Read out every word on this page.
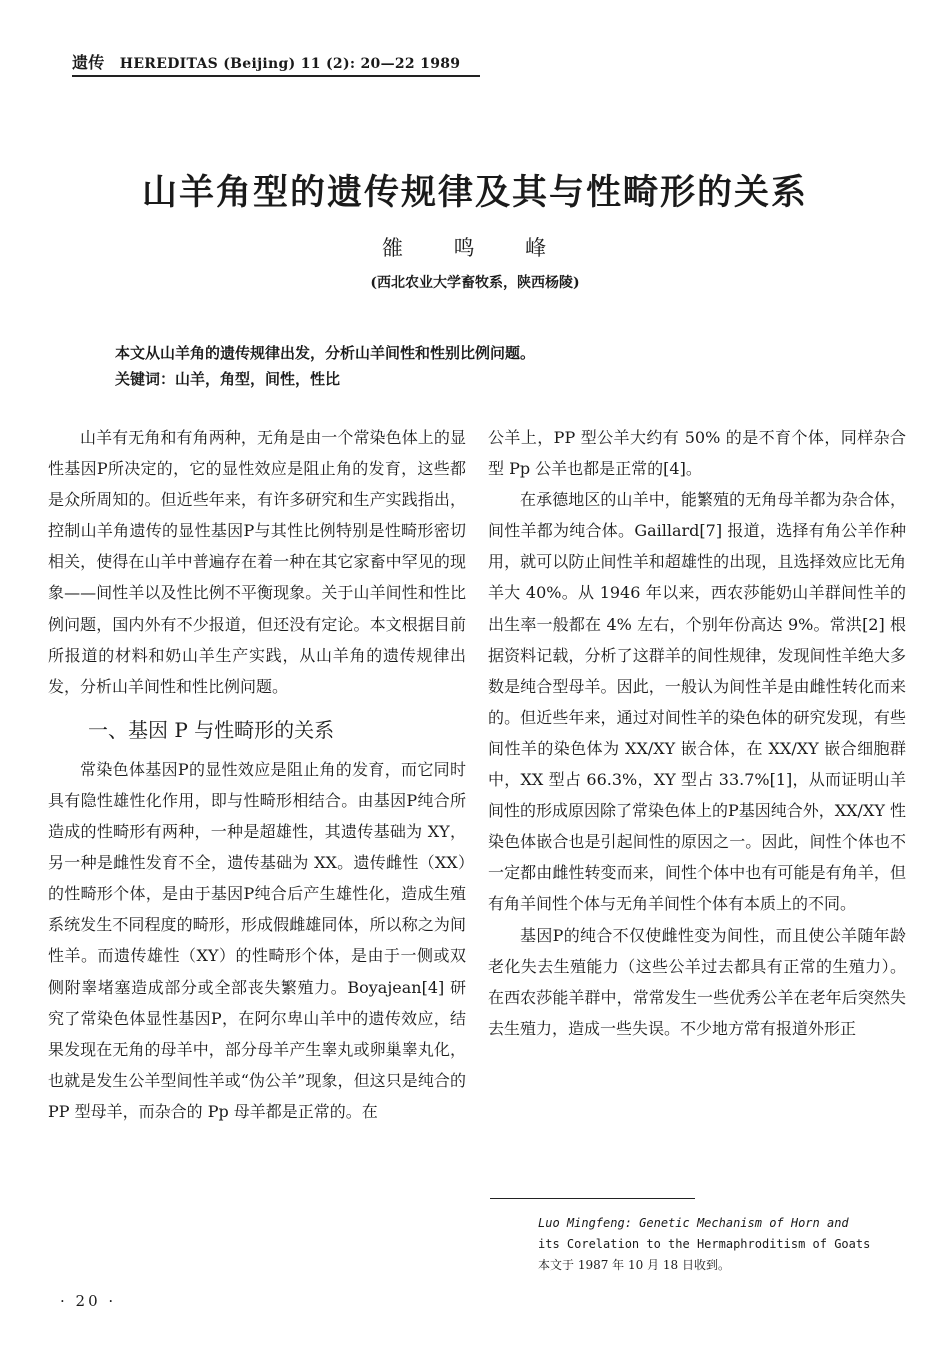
遗传 HEREDITAS (Beijing) 11 (2): 20—22 1989
山羊角型的遗传规律及其与性畸形的关系
雒 鸣 峰
(西北农业大学畜牧系，陕西杨陵)
本文从山羊角的遗传规律出发，分析山羊间性和性别比例问题。
关键词：山羊，角型，间性，性比

山羊有无角和有角两种，无角是由一个常染色体上的显性基因P所决定的，它的显性效应是阻止角的发育，这些都是众所周知的。但近些年来，有许多研究和生产实践指出，控制山羊角遗传的显性基因P与其性比例特别是性畸形密切相关，使得在山羊中普遍存在着一种在其它家畜中罕见的现象——间性羊以及性比例不平衡现象。关于山羊间性和性比例问题，国内外有不少报道，但还没有定论。本文根据目前所报道的材料和奶山羊生产实践，从山羊角的遗传规律出发，分析山羊间性和性比例问题。

一、基因 P 与性畸形的关系

常染色体基因P的显性效应是阻止角的发育，而它同时具有隐性雄性化作用，即与性畸形相结合。由基因P纯合所造成的性畸形有两种，一种是超雄性，其遗传基础为 XY，另一种是雌性发育不全，遗传基础为 XX。遗传雌性（XX）的性畸形个体，是由于基因P纯合后产生雄性化，造成生殖系统发生不同程度的畸形，形成假雌雄同体，所以称之为间性羊。而遗传雄性（XY）的性畸形个体，是由于一侧或双侧附睾堵塞造成部分或全部丧失繁殖力。Boyajean[4] 研究了常染色体显性基因P，在阿尔卑山羊中的遗传效应，结果发现在无角的母羊中，部分母羊产生睾丸或卵巢睾丸化，也就是发生公羊型间性羊或“伪公羊”现象，但这只是纯合的PP 型母羊，而杂合的 Pp 母羊都是正常的。在

公羊上，PP 型公羊大约有 50% 的是不育个体，同样杂合型 Pp 公羊也都是正常的[4]。

在承德地区的山羊中，能繁殖的无角母羊都为杂合体，间性羊都为纯合体。Gaillard[7] 报道，选择有角公羊作种用，就可以防止间性羊和超雄性的出现，且选择效应比无角羊大 40%。从 1946 年以来，西农莎能奶山羊群间性羊的出生率一般都在 4% 左右，个别年份高达 9%。常洪[2] 根据资料记载，分析了这群羊的间性规律，发现间性羊绝大多数是纯合型母羊。因此，一般认为间性羊是由雌性转化而来的。但近些年来，通过对间性羊的染色体的研究发现，有些间性羊的染色体为 XX/XY 嵌合体，在 XX/XY 嵌合细胞群中，XX 型占 66.3%，XY 型占 33.7%[1]，从而证明山羊间性的形成原因除了常染色体上的P基因纯合外，XX/XY 性染色体嵌合也是引起间性的原因之一。因此，间性个体也不一定都由雌性转变而来，间性个体中也有可能是有角羊，但有角羊间性个体与无角羊间性个体有本质上的不同。

基因P的纯合不仅使雌性变为间性，而且使公羊随年龄老化失去生殖能力（这些公羊过去都具有正常的生殖力）。在西农莎能羊群中，常常发生一些优秀公羊在老年后突然失去生殖力，造成一些失误。不少地方常有报道外形正

Luo Mingfeng: Genetic Mechanism of Horn and
its Corelation to the Hermaphroditism of Goats
本文于 1987 年 10 月 18 日收到。
· 20 ·
